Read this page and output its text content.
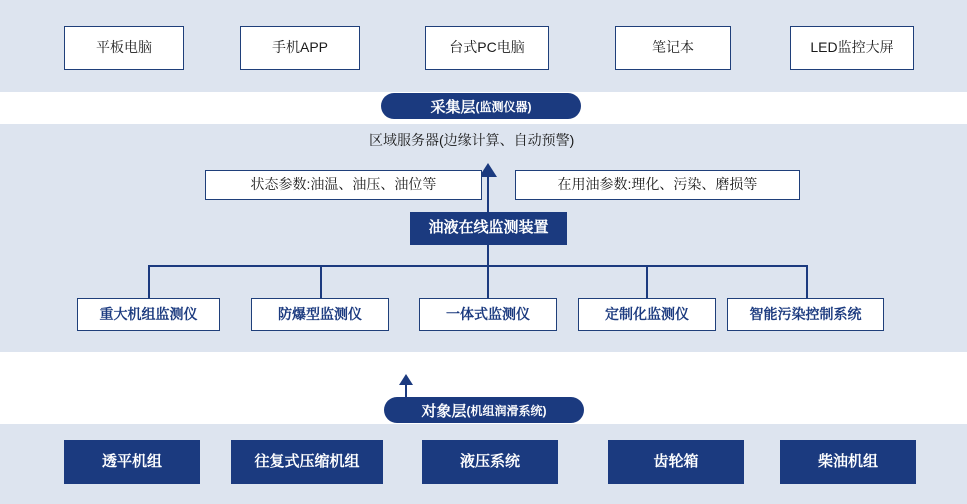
平板电脑	手机APP	台式PC电脑	笔记本	LED监控大屏
采集层 (监测仪器)
区域服务器(边缘计算、自动预警)
状态参数:油温、油压、油位等	在用油参数:理化、污染、磨损等
油液在线监测装置
重大机组监测仪	防爆型监测仪	一体式监测仪	定制化监测仪	智能污染控制系统
对象层 (机组润滑系统)
透平机组	往复式压缩机组	液压系统	齿轮箱	柴油机组
